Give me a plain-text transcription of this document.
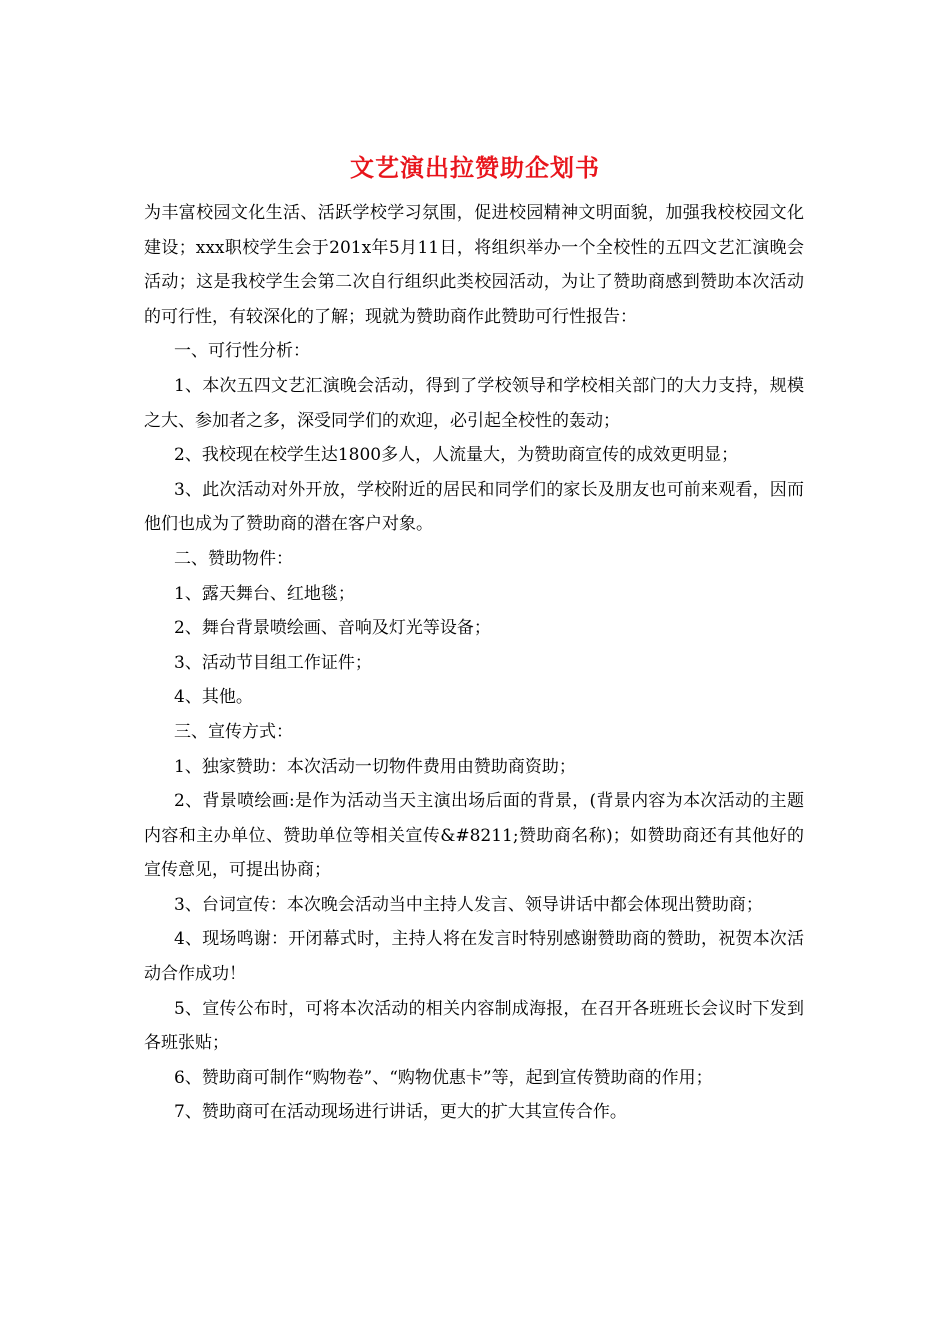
文艺演出拉赞助企划书

为丰富校园文化生活、活跃学校学习氛围，促进校园精神文明面貌，加强我校校园文化建设；xxx职校学生会于201x年5月11日，将组织举办一个全校性的五四文艺汇演晚会活动；这是我校学生会第二次自行组织此类校园活动，为让了赞助商感到赞助本次活动的可行性，有较深化的了解；现就为赞助商作此赞助可行性报告：

一、可行性分析：

1、本次五四文艺汇演晚会活动，得到了学校领导和学校相关部门的大力支持，规模之大、参加者之多，深受同学们的欢迎，必引起全校性的轰动；

2、我校现在校学生达1800多人，人流量大，为赞助商宣传的成效更明显；

3、此次活动对外开放，学校附近的居民和同学们的家长及朋友也可前来观看，因而他们也成为了赞助商的潜在客户对象。

二、赞助物件：

1、露天舞台、红地毯；

2、舞台背景喷绘画、音响及灯光等设备；

3、活动节目组工作证件；

4、其他。

三、宣传方式：

1、独家赞助：本次活动一切物件费用由赞助商资助；

2、背景喷绘画:是作为活动当天主演出场后面的背景，(背景内容为本次活动的主题内容和主办单位、赞助单位等相关宣传&#8211;赞助商名称)；如赞助商还有其他好的宣传意见，可提出协商；

3、台词宣传：本次晚会活动当中主持人发言、领导讲话中都会体现出赞助商；

4、现场鸣谢：开闭幕式时，主持人将在发言时特别感谢赞助商的赞助，祝贺本次活动合作成功！

5、宣传公布时，可将本次活动的相关内容制成海报，在召开各班班长会议时下发到各班张贴；

6、赞助商可制作“购物卷”、“购物优惠卡”等，起到宣传赞助商的作用；

7、赞助商可在活动现场进行讲话，更大的扩大其宣传合作。
